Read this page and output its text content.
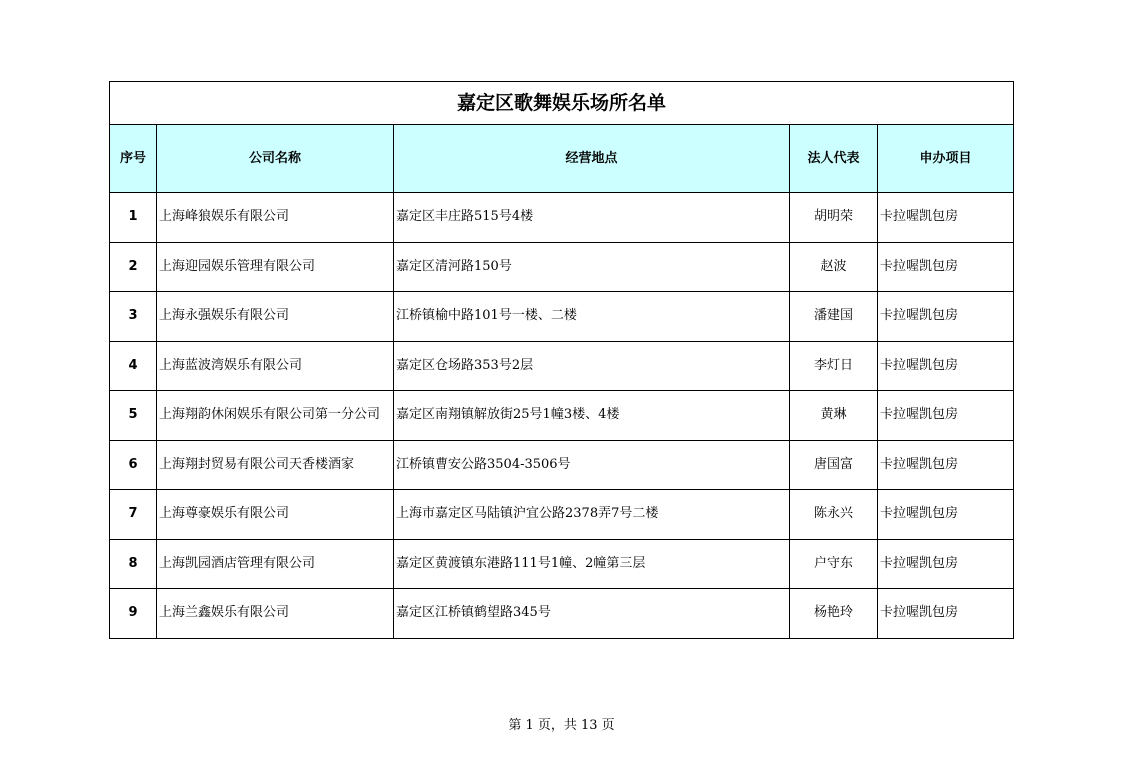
嘉定区歌舞娱乐场所名单				
序号	公司名称	经营地点	法人代表	申办项目
1	上海峰狼娱乐有限公司	嘉定区丰庄路515号4楼	胡明荣	卡拉喔凯包房
2	上海迎园娱乐管理有限公司	嘉定区清河路150号	赵波	卡拉喔凯包房
3	上海永强娱乐有限公司	江桥镇榆中路101号一楼、二楼	潘建国	卡拉喔凯包房
4	上海蓝波湾娱乐有限公司	嘉定区仓场路353号2层	李灯日	卡拉喔凯包房
5	上海翔韵休闲娱乐有限公司第一分公司	嘉定区南翔镇解放街25号1幢3楼、4楼	黄琳	卡拉喔凯包房
6	上海翔封贸易有限公司天香楼酒家	江桥镇曹安公路3504-3506号	唐国富	卡拉喔凯包房
7	上海尊豪娱乐有限公司	上海市嘉定区马陆镇沪宜公路2378弄7号二楼	陈永兴	卡拉喔凯包房
8	上海凯园酒店管理有限公司	嘉定区黄渡镇东港路111号1幢、2幢第三层	户守东	卡拉喔凯包房
9	上海兰鑫娱乐有限公司	嘉定区江桥镇鹤望路345号	杨艳玲	卡拉喔凯包房
第 1 页，共 13 页
